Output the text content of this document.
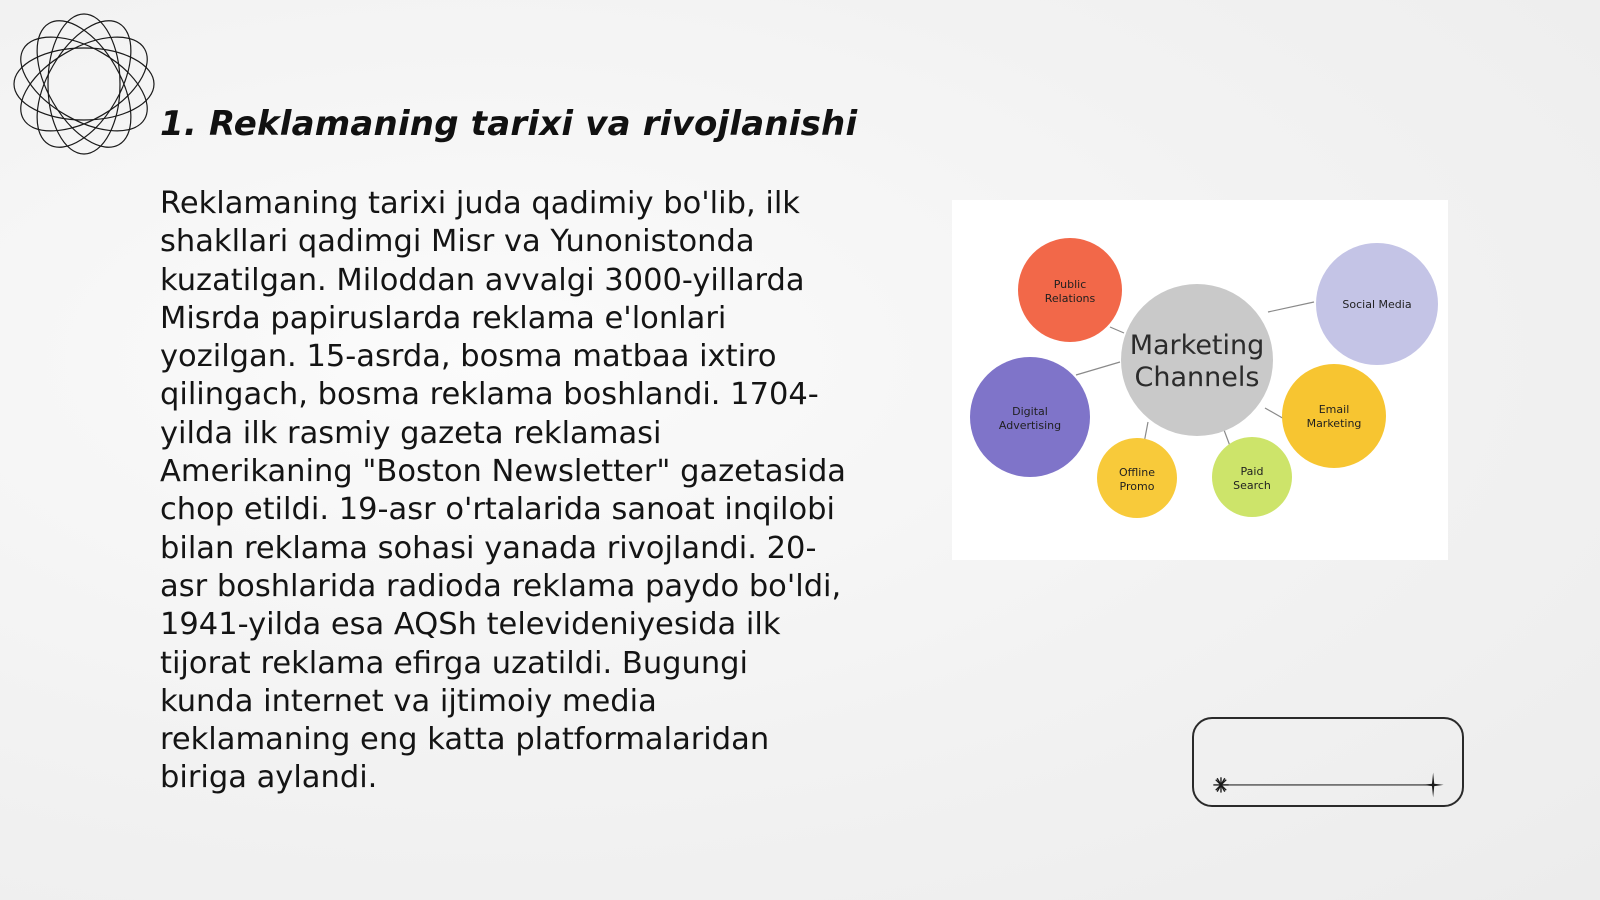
1. Reklamaning tarixi va rivojlanishi
Reklamaning tarixi juda qadimiy bo'lib, ilk shakllari qadimgi Misr va Yunonistonda kuzatilgan. Miloddan avvalgi 3000-yillarda Misrda papiruslarda reklama e'lonlari yozilgan. 15-asrda, bosma matbaa ixtiro qilingach, bosma reklama boshlandi. 1704-yilda ilk rasmiy gazeta reklamasi Amerikaning "Boston Newsletter" gazetasida chop etildi. 19-asr o'rtalarida sanoat inqilobi bilan reklama sohasi yanada rivojlandi. 20-asr boshlarida radioda reklama paydo bo'ldi, 1941-yilda esa AQSh televideniyesida ilk tijorat reklama efirga uzatildi. Bugungi kunda internet va ijtimoiy media reklamaning eng katta platformalaridan biriga aylandi.
Marketing
Channels
Public
Relations	Social Media
Digital
Advertising
Email
Marketing
Offline
Promo
Paid
Search
